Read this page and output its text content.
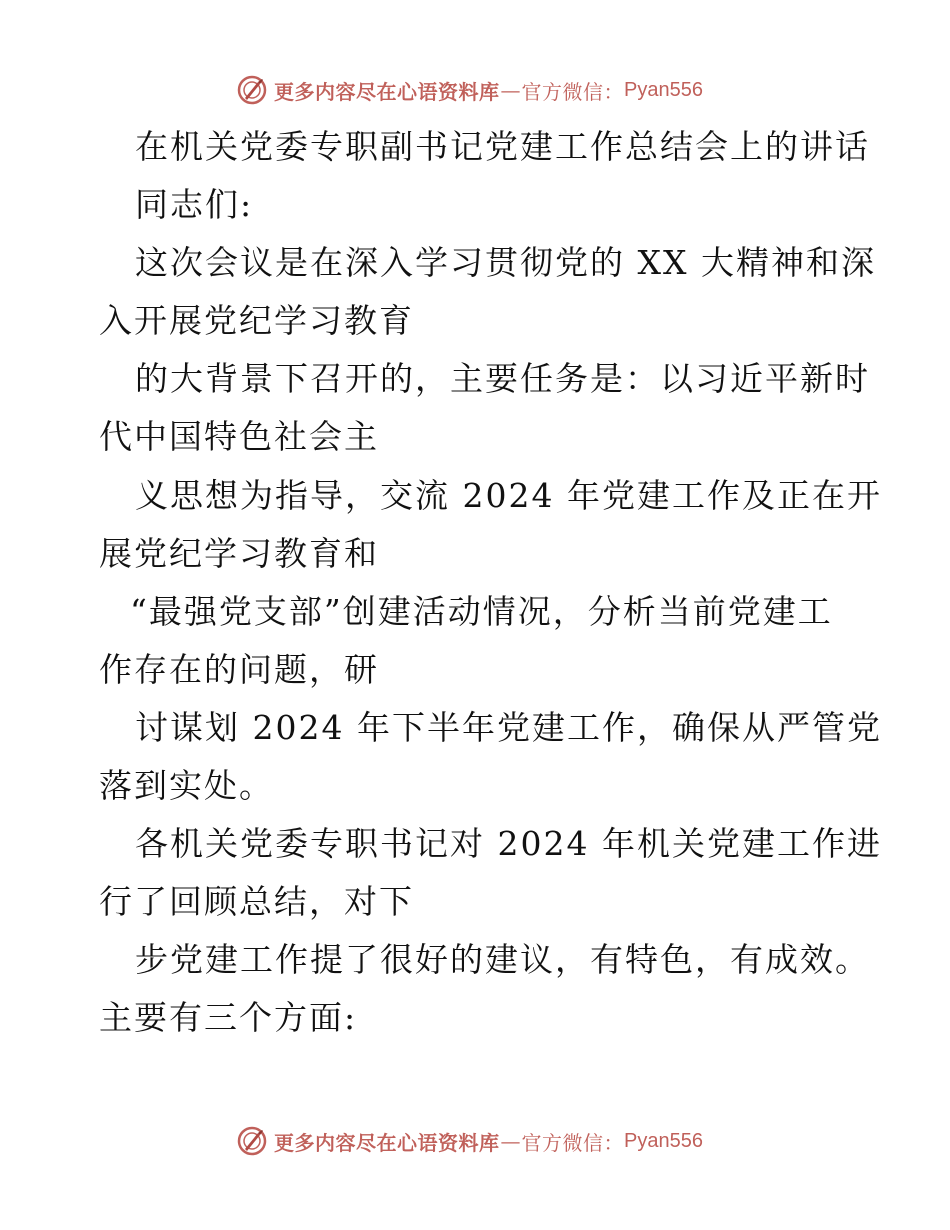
更多内容尽在心语资料库 — 官方微信： Pyan556
在机关党委专职副书记党建工作总结会上的讲话
同志们:
这次会议是在深入学习贯彻党的 XX 大精神和深
入开展党纪学习教育
的大背景下召开的，主要任务是：以习近平新时
代中国特色社会主
义思想为指导，交流 2024 年党建工作及正在开
展党纪学习教育和
“最强党支部”创建活动情况，分析当前党建工
作存在的问题，研
讨谋划 2024 年下半年党建工作，确保从严管党
落到实处。
各机关党委专职书记对 2024 年机关党建工作进
行了回顾总结，对下
步党建工作提了很好的建议，有特色，有成效。
主要有三个方面:
更多内容尽在心语资料库 — 官方微信： Pyan556
